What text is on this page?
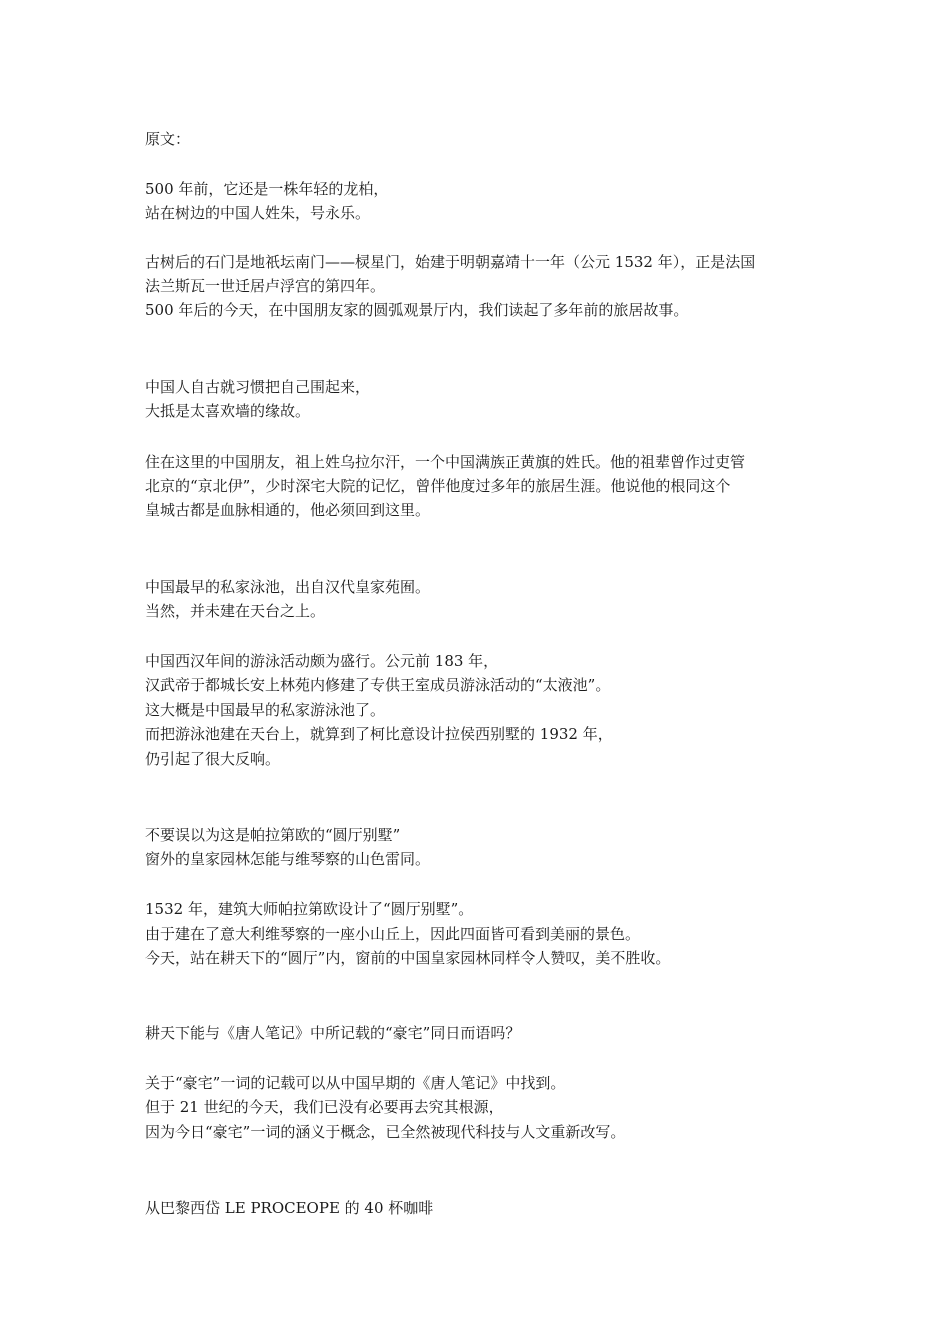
原文：
500 年前，它还是一株年轻的龙柏，
站在树边的中国人姓朱，号永乐。
古树后的石门是地祇坛南门——棂星门，始建于明朝嘉靖十一年（公元 1532 年），正是法国
法兰斯瓦一世迁居卢浮宫的第四年。
500 年后的今天，在中国朋友家的圆弧观景厅内，我们读起了多年前的旅居故事。
中国人自古就习惯把自己围起来，
大抵是太喜欢墙的缘故。
住在这里的中国朋友，祖上姓乌拉尔汗，一个中国满族正黄旗的姓氏。他的祖辈曾作过吏管
北京的“京北伊”，少时深宅大院的记忆，曾伴他度过多年的旅居生涯。他说他的根同这个
皇城古都是血脉相通的，他必须回到这里。
中国最早的私家泳池，出自汉代皇家苑囿。
当然，并未建在天台之上。
中国西汉年间的游泳活动颇为盛行。公元前 183 年，
汉武帝于都城长安上林苑内修建了专供王室成员游泳活动的“太液池”。
这大概是中国最早的私家游泳池了。
而把游泳池建在天台上，就算到了柯比意设计拉侯西别墅的 1932 年，
仍引起了很大反响。
不要误以为这是帕拉第欧的“圆厅别墅”
窗外的皇家园林怎能与维琴察的山色雷同。
1532 年，建筑大师帕拉第欧设计了“圆厅别墅”。
由于建在了意大利维琴察的一座小山丘上，因此四面皆可看到美丽的景色。
今天，站在耕天下的“圆厅”内，窗前的中国皇家园林同样令人赞叹，美不胜收。
耕天下能与《唐人笔记》中所记载的“豪宅”同日而语吗？
关于“豪宅”一词的记载可以从中国早期的《唐人笔记》中找到。
但于 21 世纪的今天，我们已没有必要再去究其根源，
因为今日“豪宅”一词的涵义于概念，已全然被现代科技与人文重新改写。
从巴黎西岱 LE PROCEOPE 的 40 杯咖啡
